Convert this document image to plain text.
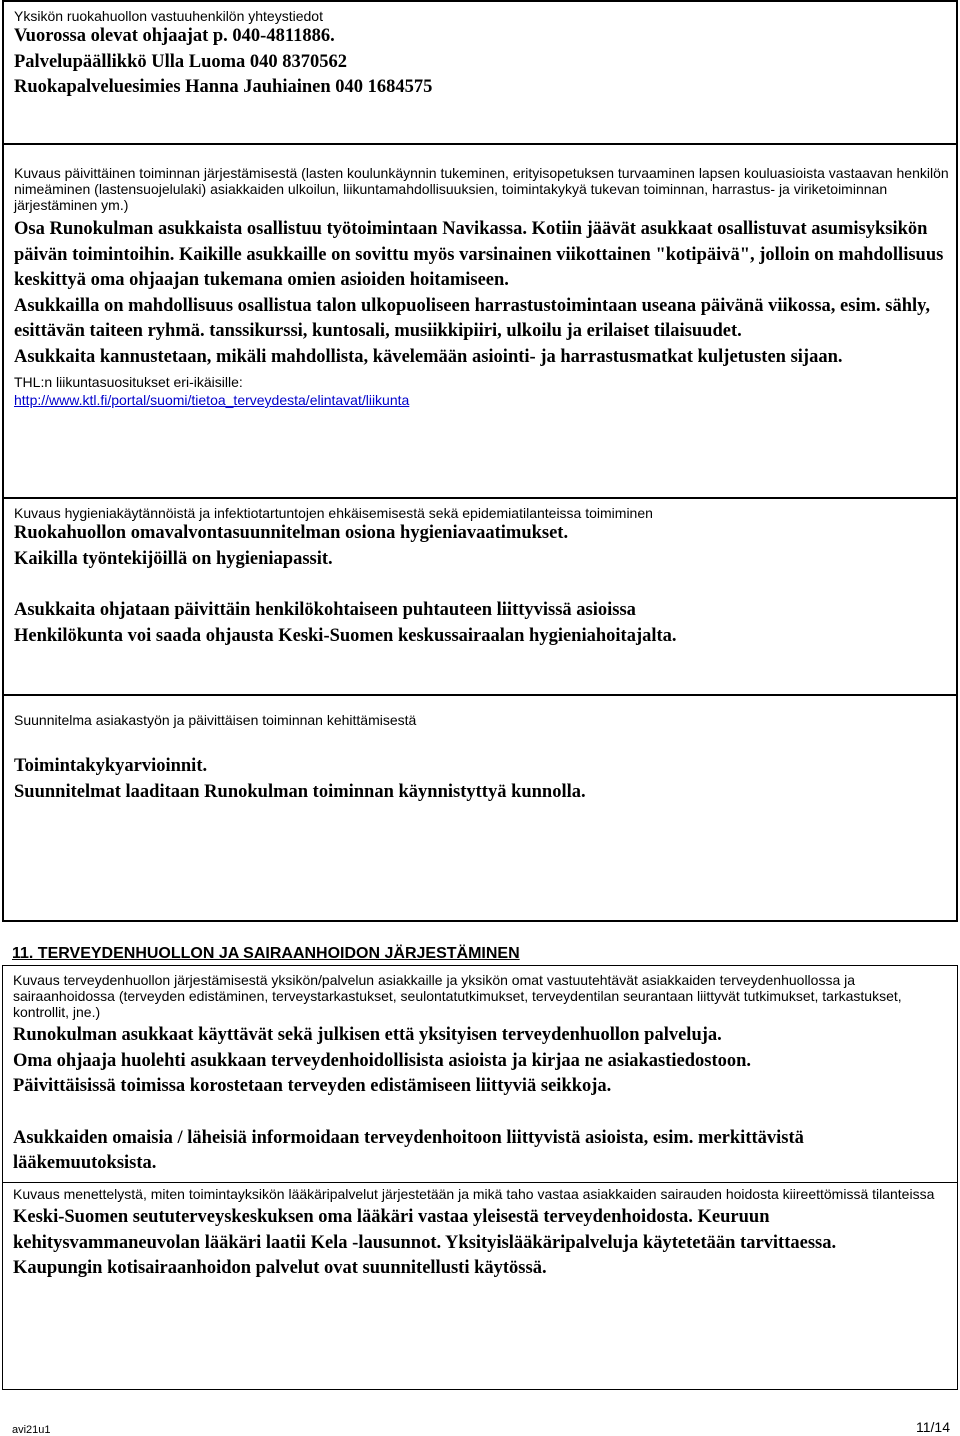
Yksikön ruokahuollon vastuuhenkilön yhteystiedot

Vuorossa olevat ohjaajat p. 040-4811886.

Palvelupäällikkö Ulla Luoma 040 8370562

Ruokapalveluesimies Hanna Jauhiainen 040 1684575

Kuvaus päivittäinen toiminnan järjestämisestä (lasten koulunkäynnin tukeminen, erityisopetuksen turvaaminen lapsen kouluasioista vastaavan henkilön nimeäminen (lastensuojelulaki) asiakkaiden ulkoilun, liikuntamahdollisuuksien, toimintakykyä tukevan toiminnan, harrastus- ja viriketoiminnan järjestäminen ym.)

Osa Runokulman asukkaista osallistuu työtoimintaan Navikassa. Kotiin jäävät asukkaat osallistuvat asumisyksikön päivän toimintoihin. Kaikille asukkaille on sovittu myös varsinainen viikottainen "kotipäivä", jolloin on mahdollisuus keskittyä oma ohjaajan tukemana omien asioiden hoitamiseen.

Asukkailla on mahdollisuus osallistua talon ulkopuoliseen harrastustoimintaan useana päivänä viikossa, esim. sähly, esittävän taiteen ryhmä. tanssikurssi, kuntosali, musiikkipiiri, ulkoilu ja erilaiset tilaisuudet.

Asukkaita kannustetaan, mikäli mahdollista, kävelemään asiointi- ja harrastusmatkat kuljetusten sijaan.

THL:n liikuntasuositukset eri-ikäisille:

http://www.ktl.fi/portal/suomi/tietoa_terveydesta/elintavat/liikunta

Kuvaus hygieniakäytännöistä ja infektiotartuntojen ehkäisemisestä sekä epidemiatilanteissa toimiminen

Ruokahuollon omavalvontasuunnitelman osiona hygieniavaatimukset.

Kaikilla työntekijöillä on hygieniapassit.

Asukkaita ohjataan päivittäin henkilökohtaiseen puhtauteen liittyvissä asioissa

Henkilökunta voi saada ohjausta Keski-Suomen keskussairaalan hygieniahoitajalta.

Suunnitelma asiakastyön ja päivittäisen toiminnan kehittämisestä

Toimintakykyarvioinnit.

Suunnitelmat laaditaan Runokulman toiminnan käynnistyttyä kunnolla.

11. TERVEYDENHUOLLON JA SAIRAANHOIDON JÄRJESTÄMINEN

Kuvaus terveydenhuollon järjestämisestä yksikön/palvelun asiakkaille ja yksikön omat vastuutehtävät asiakkaiden terveydenhuollossa ja sairaanhoidossa (terveyden edistäminen, terveystarkastukset, seulontatutkimukset, terveydentilan seurantaan liittyvät tutkimukset, tarkastukset, kontrollit, jne.)

Runokulman asukkaat käyttävät sekä julkisen että yksityisen terveydenhuollon palveluja.

Oma ohjaaja huolehti asukkaan terveydenhoidollisista asioista ja kirjaa ne asiakastiedostoon.

Päivittäisissä toimissa korostetaan terveyden edistämiseen liittyviä seikkoja.

Asukkaiden omaisia / läheisiä informoidaan terveydenhoitoon liittyvistä asioista, esim. merkittävistä lääkemuutoksista.

Kuvaus menettelystä, miten toimintayksikön lääkäripalvelut järjestetään ja mikä taho vastaa asiakkaiden sairauden hoidosta kiireettömissä tilanteissa

Keski-Suomen seututerveyskeskuksen oma lääkäri vastaa yleisestä terveydenhoidosta. Keuruun kehitysvammaneuvolan lääkäri laatii Kela -lausunnot. Yksityislääkäripalveluja käytetetään tarvittaessa.

Kaupungin kotisairaanhoidon palvelut ovat suunnitellusti käytössä.

avi21u1	11/14
